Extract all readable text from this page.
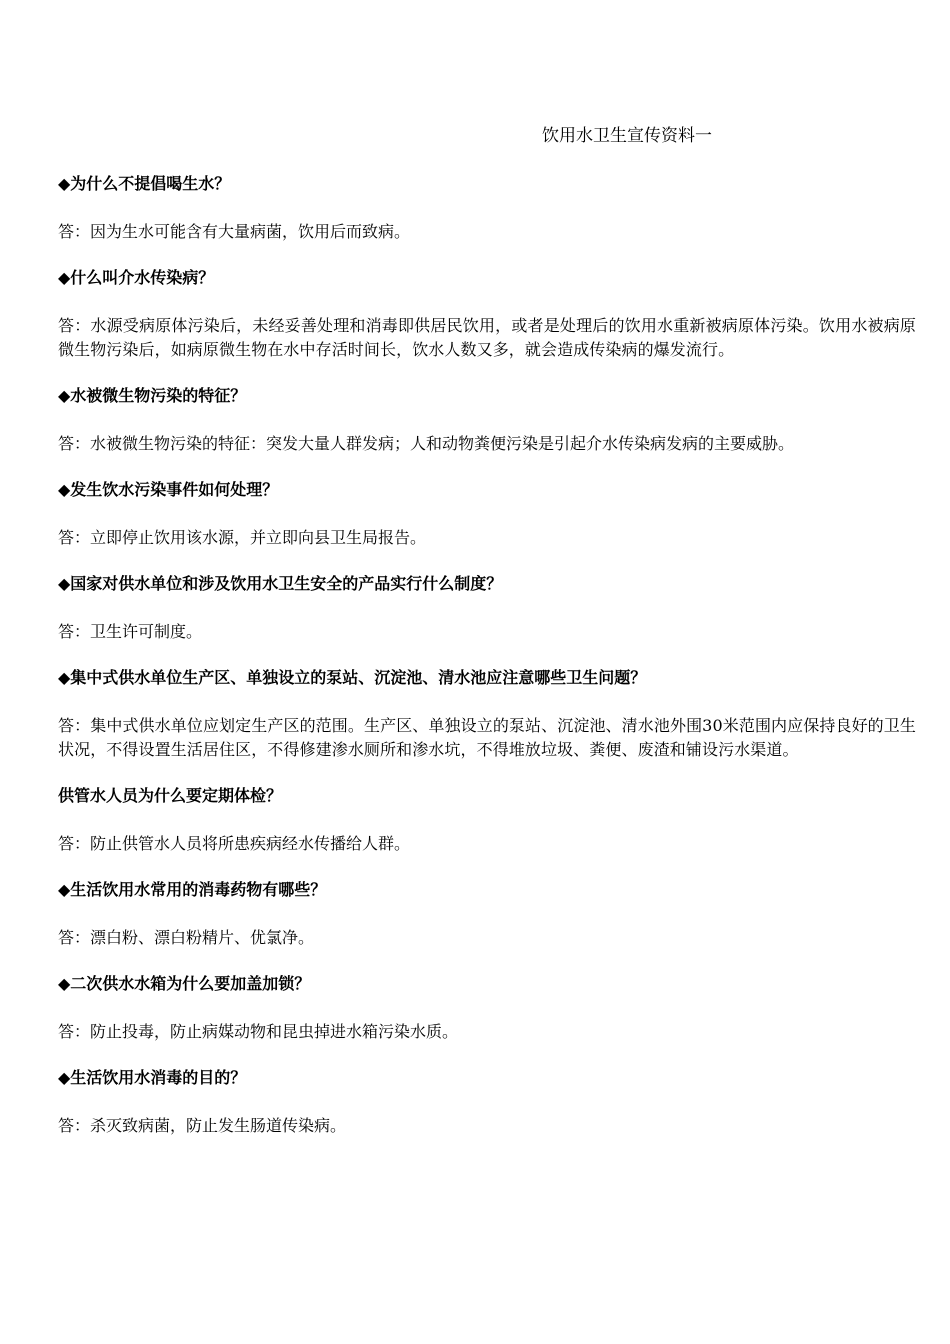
饮用水卫生宣传资料一
◆为什么不提倡喝生水？
答：因为生水可能含有大量病菌，饮用后而致病。
◆什么叫介水传染病？
答：水源受病原体污染后，未经妥善处理和消毒即供居民饮用，或者是处理后的饮用水重新被病原体污染。饮用水被病原微生物污染后，如病原微生物在水中存活时间长，饮水人数又多，就会造成传染病的爆发流行。
◆水被微生物污染的特征？
答：水被微生物污染的特征：突发大量人群发病；人和动物粪便污染是引起介水传染病发病的主要威胁。
◆发生饮水污染事件如何处理？
答：立即停止饮用该水源，并立即向县卫生局报告。
◆国家对供水单位和涉及饮用水卫生安全的产品实行什么制度？
答：卫生许可制度。
◆集中式供水单位生产区、单独设立的泵站、沉淀池、清水池应注意哪些卫生问题？
答：集中式供水单位应划定生产区的范围。生产区、单独设立的泵站、沉淀池、清水池外围30米范围内应保持良好的卫生状况，不得设置生活居住区，不得修建渗水厕所和渗水坑，不得堆放垃圾、粪便、废渣和铺设污水渠道。
供管水人员为什么要定期体检？
答：防止供管水人员将所患疾病经水传播给人群。
◆生活饮用水常用的消毒药物有哪些？
答：漂白粉、漂白粉精片、优氯净。
◆二次供水水箱为什么要加盖加锁？
答：防止投毒，防止病媒动物和昆虫掉进水箱污染水质。
◆生活饮用水消毒的目的？
答：杀灭致病菌，防止发生肠道传染病。
